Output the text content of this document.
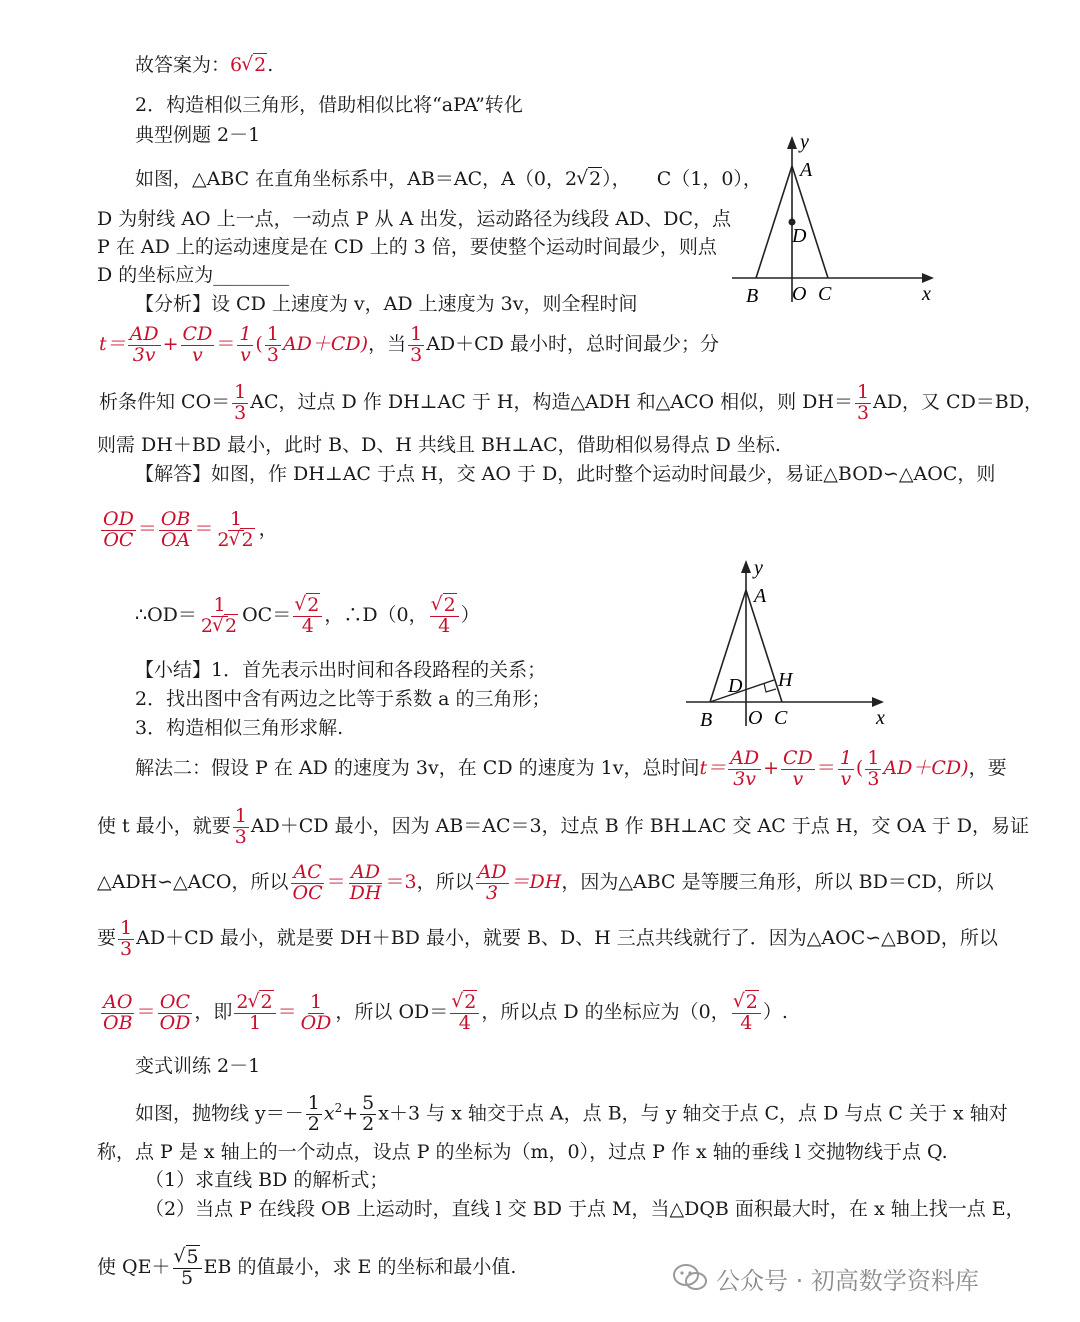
故答案为：6 √ 2.
2．构造相似三角形，借助相似比将“aPA”转化
典型例题 2－1
如图，△ABC 在直角坐标系中，AB＝AC，A（0，2 √ 2）， C（1，0），
D 为射线 AO 上一点，一动点 P 从 A 出发，运动路径为线段 AD、DC，点
P 在 AD 上的运动速度是在 CD 上的 3 倍，要使整个运动时间最少，则点
D 的坐标应为________
y
A
D
B O C	x
【分析】设 CD 上速度为 v，AD 上速度为 3v，则全程时间
$t= \frac{AD}{3v} + \frac{CD}{v} = \frac{1}{v}$ ( $\frac{1}{3} AD+CD$)，当 $\frac{1}{3} AD+CD$ 最小时，总时间最少；分
析条件知 $CO= \frac{1}{3}$ AC，过点 D 作 DH⊥AC 于 H，构造△ADH 和△ACO 相似，则 $DH= \frac{1}{3}$ AD，又 CD＝BD，
则需 DH＋BD 最小，此时 B、D、H 共线且 BH⊥AC，借助相似易得点 D 坐标.
【解答】如图，作 DH⊥AC 于点 H，交 AO 于 D，此时整个运动时间最少，易证△BOD∽△AOC，则
$\frac{OD}{OC} = \frac{OB}{OA} = \frac{1}{2 √ 2}$ ，
∴OD＝ $\frac{1}{2 √ 2} OC=$ √ $\frac{2}{4}$ ，∴D（0， √ $\frac{2}{4}$ ）
y
A
D H
B O C	x
【小结】1．首先表示出时间和各段路程的关系；
2．找出图中含有两边之比等于系数 a 的三角形；
3．构造相似三角形求解.
解法二：假设 P 在 AD 的速度为 3v，在 CD 的速度为 1v，总时间$t= \frac{AD}{3v} + \frac{CD}{v} = \frac{1}{v}$ ( $\frac{1}{3} AD+CD$)，要
使 t 最小，就要 $\frac{1}{3} AD+CD$ 最小，因为 AB＝AC＝3，过点 B 作 BH⊥AC 交 AC 于点 H，交 OA 于 D，易证
△ADH∽△ACO，所以 $\frac{AC}{OC} = \frac{AD}{DH} =3$，所以 $\frac{AD}{3} =DH$，因为△ABC 是等腰三角形，所以 BD＝CD，所以
要 $\frac{1}{3} AD+CD$ 最小，就是要 DH＋BD 最小，就要 B、D、H 三点共线就行了．因为△AOC∽△BOD，所以
$\frac{AO}{OB} = \frac{OC}{OD}$ ，即 $\frac{2 √ 2}{1} = \frac{1}{OD}$ ，所以 OD＝ √ $\frac{2}{4}$ ，所以点 D 的坐标应为（0， √ $\frac{2}{4}$ ）.
变式训练 2－1
如图，抛物线 $y=- \frac{1}{2} x^2+ \frac{5}{2} x+3$ 与 x 轴交于点 A，点 B，与 y 轴交于点 C，点 D 与点 C 关于 x 轴对
称，点 P 是 x 轴上的一个动点，设点 P 的坐标为（m，0），过点 P 作 x 轴的垂线 l 交抛物线于点 Q.
（1）求直线 BD 的解析式；
（2）当点 P 在线段 OB 上运动时，直线 l 交 BD 于点 M，当△DQB 面积最大时，在 x 轴上找一点 E，
使 QE＋ √ $\frac{5}{5}$ EB 的值最小，求 E 的坐标和最小值.	公众号 · 初高数学资料库
